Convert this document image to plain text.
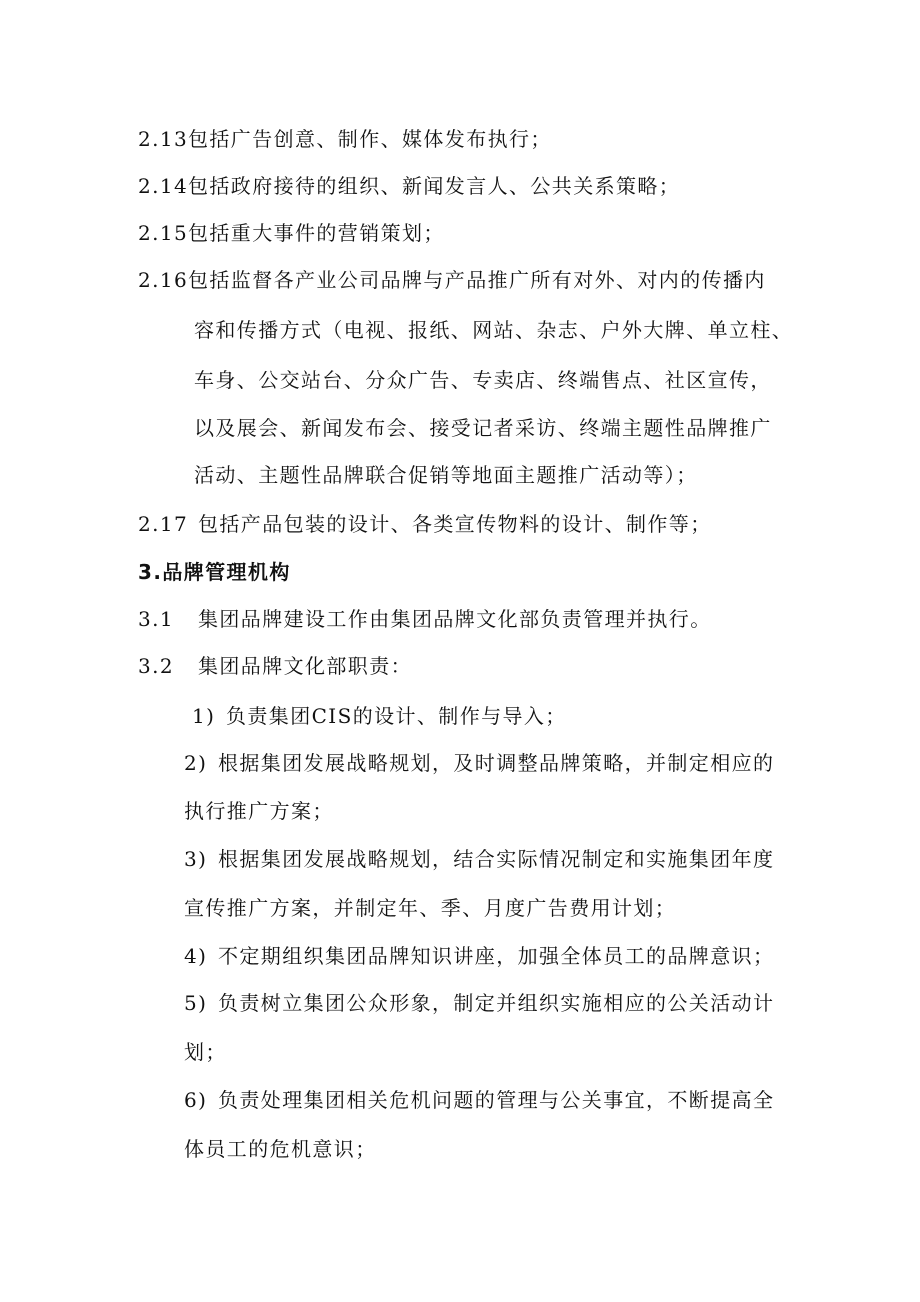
2.13包括广告创意、制作、媒体发布执行；
2.14包括政府接待的组织、新闻发言人、公共关系策略；
2.15包括重大事件的营销策划；
2.16包括监督各产业公司品牌与产品推广所有对外、对内的传播内
容和传播方式（电视、报纸、网站、杂志、户外大牌、单立柱、
车身、公交站台、分众广告、专卖店、终端售点、社区宣传，
以及展会、新闻发布会、接受记者采访、终端主题性品牌推广
活动、主题性品牌联合促销等地面主题推广活动等）；
2.17 包括产品包装的设计、各类宣传物料的设计、制作等；
3.品牌管理机构
3.1 集团品牌建设工作由集团品牌文化部负责管理并执行。
3.2 集团品牌文化部职责：
1) 负责集团CIS的设计、制作与导入；
2) 根据集团发展战略规划，及时调整品牌策略，并制定相应的
执行推广方案；
3) 根据集团发展战略规划，结合实际情况制定和实施集团年度
宣传推广方案，并制定年、季、月度广告费用计划；
4) 不定期组织集团品牌知识讲座，加强全体员工的品牌意识；
5) 负责树立集团公众形象，制定并组织实施相应的公关活动计
划；
6) 负责处理集团相关危机问题的管理与公关事宜，不断提高全
体员工的危机意识；
